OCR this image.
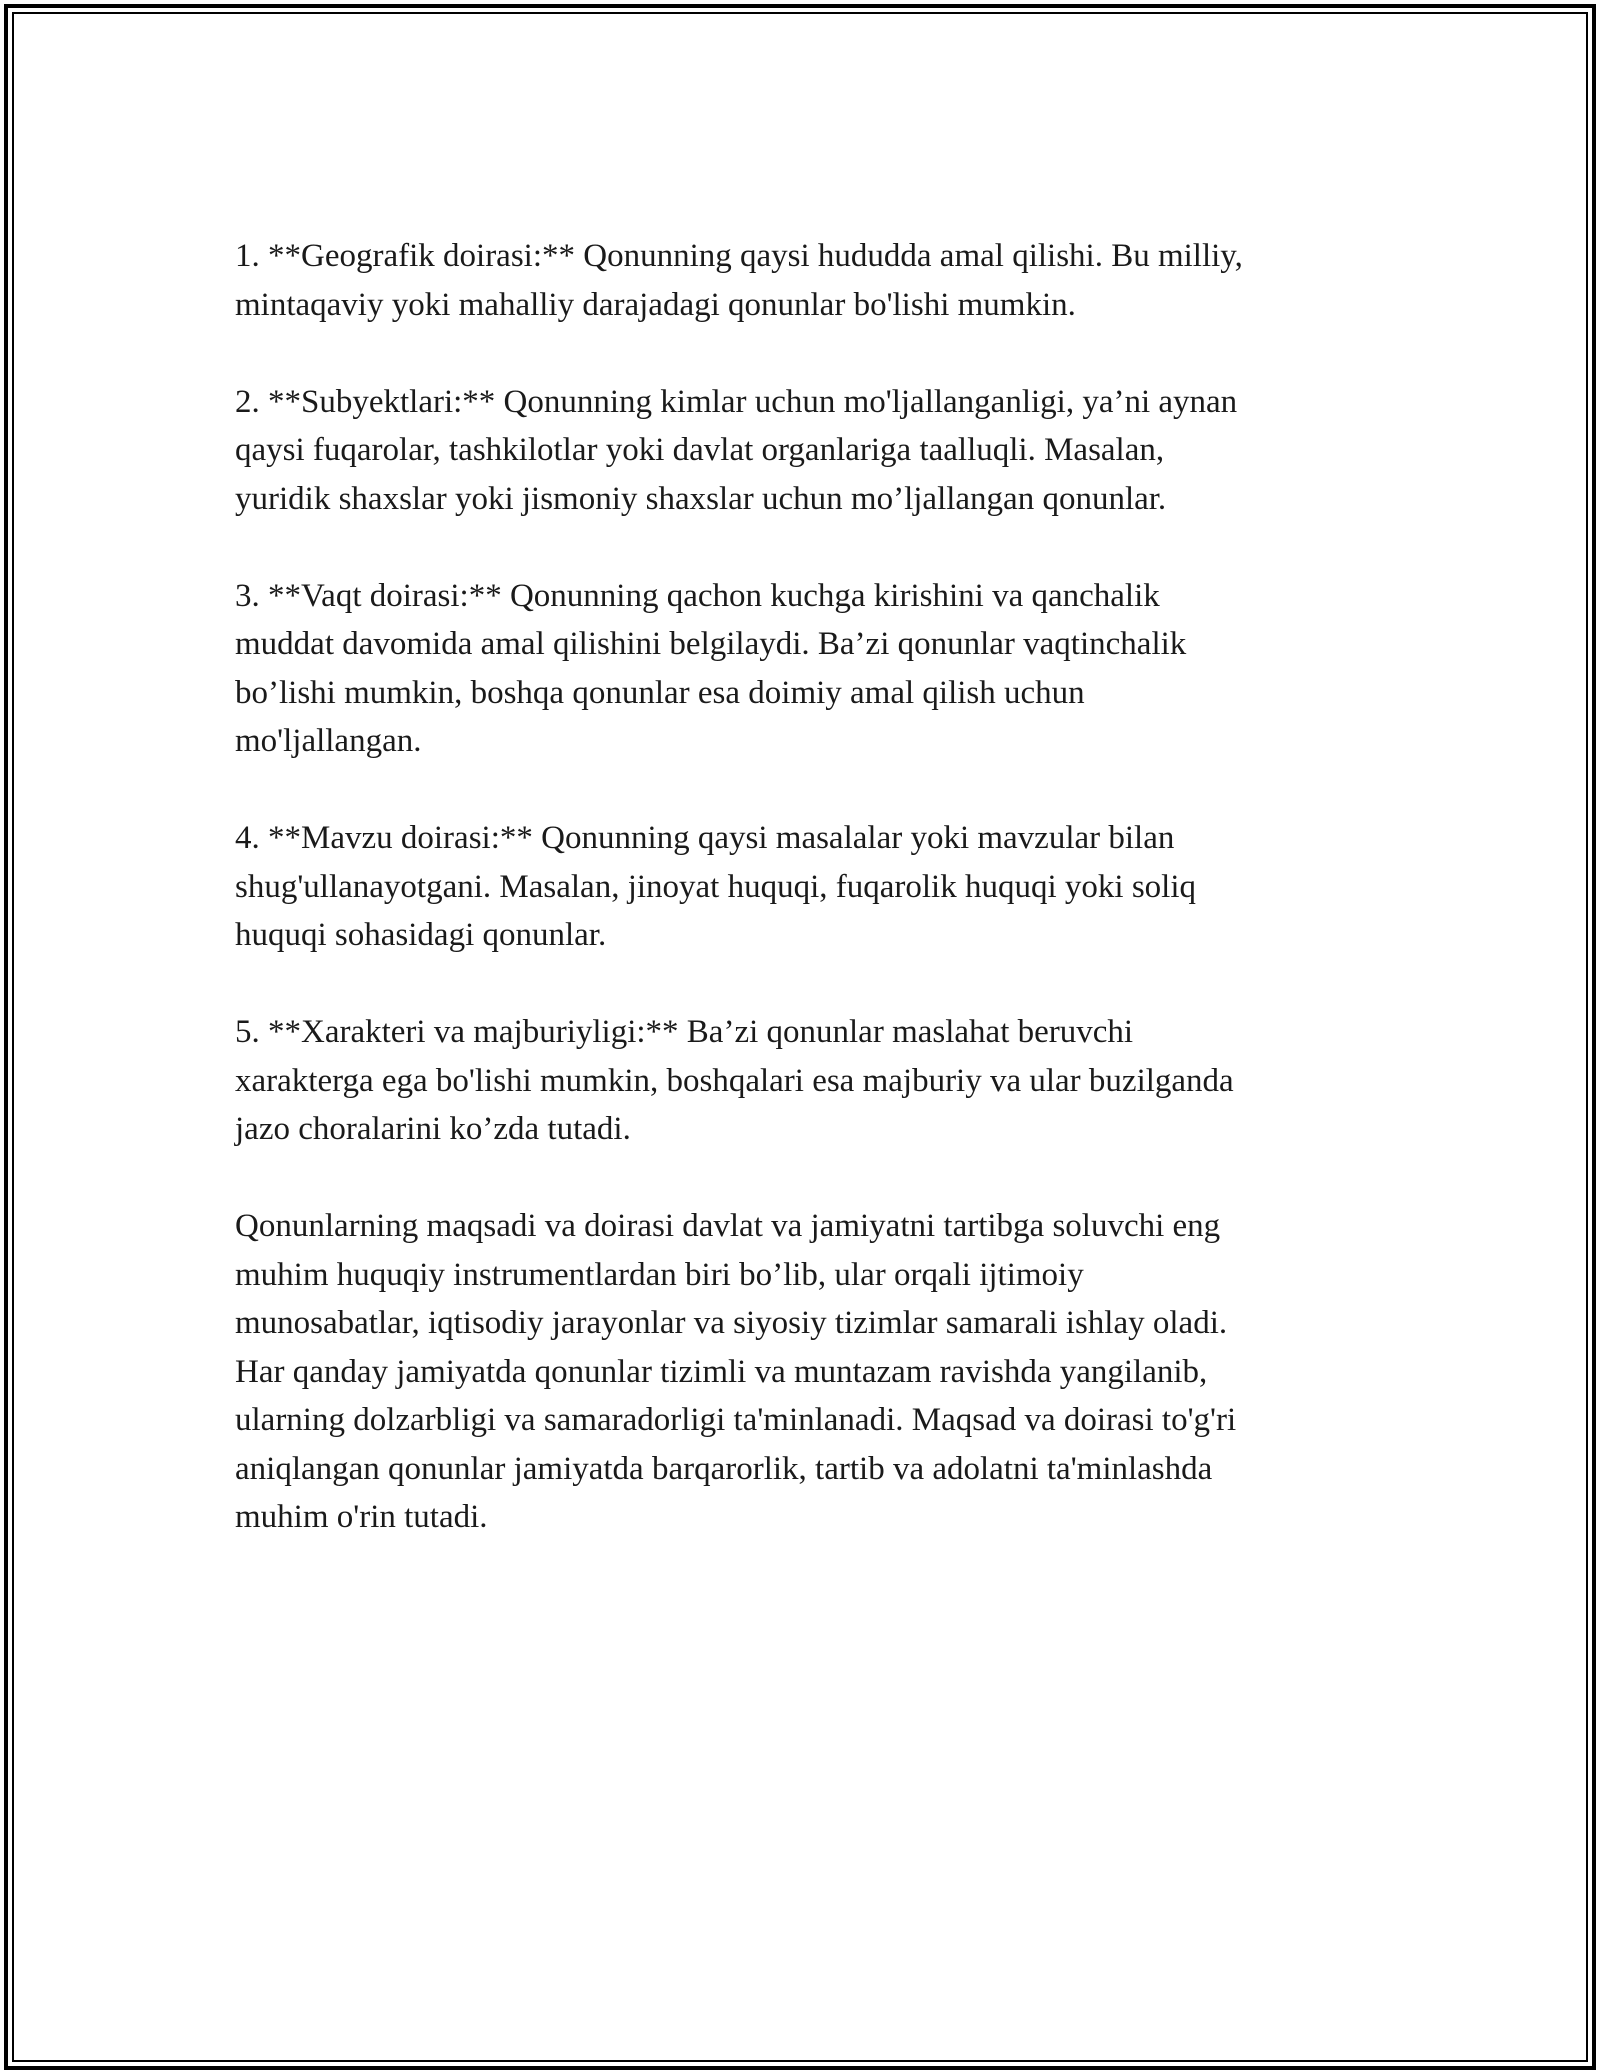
1. **Geografik doirasi:** Qonunning qaysi hududda amal qilishi. Bu milliy,
mintaqaviy yoki mahalliy darajadagi qonunlar bo'lishi mumkin.

2. **Subyektlari:** Qonunning kimlar uchun mo'ljallanganligi, ya’ni aynan
qaysi fuqarolar, tashkilotlar yoki davlat organlariga taalluqli. Masalan,
yuridik shaxslar yoki jismoniy shaxslar uchun mo’ljallangan qonunlar.

3. **Vaqt doirasi:** Qonunning qachon kuchga kirishini va qanchalik
muddat davomida amal qilishini belgilaydi. Ba’zi qonunlar vaqtinchalik
bo’lishi mumkin, boshqa qonunlar esa doimiy amal qilish uchun
mo'ljallangan.

4. **Mavzu doirasi:** Qonunning qaysi masalalar yoki mavzular bilan
shug'ullanayotgani. Masalan, jinoyat huquqi, fuqarolik huquqi yoki soliq
huquqi sohasidagi qonunlar.

5. **Xarakteri va majburiyligi:** Ba’zi qonunlar maslahat beruvchi
xarakterga ega bo'lishi mumkin, boshqalari esa majburiy va ular buzilganda
jazo choralarini ko’zda tutadi.

Qonunlarning maqsadi va doirasi davlat va jamiyatni tartibga soluvchi eng
muhim huquqiy instrumentlardan biri bo’lib, ular orqali ijtimoiy
munosabatlar, iqtisodiy jarayonlar va siyosiy tizimlar samarali ishlay oladi.
Har qanday jamiyatda qonunlar tizimli va muntazam ravishda yangilanib,
ularning dolzarbligi va samaradorligi ta'minlanadi. Maqsad va doirasi to'g'ri
aniqlangan qonunlar jamiyatda barqarorlik, tartib va adolatni ta'minlashda
muhim o'rin tutadi.
